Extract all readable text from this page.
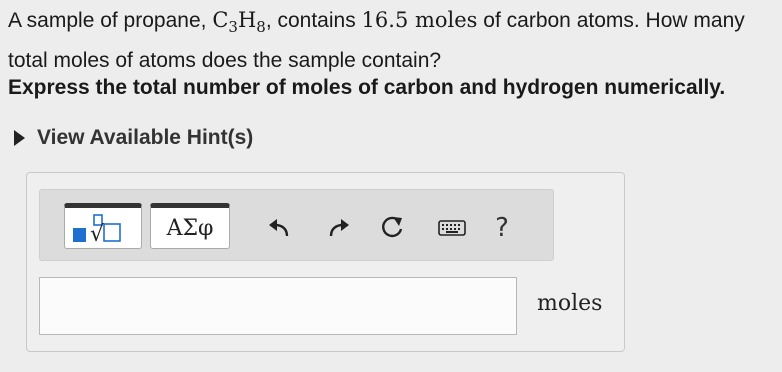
A sample of propane, $C_3H_8$, contains 16.5 moles of carbon atoms. How many total moles of atoms does the sample contain?
Express the total number of moles of carbon and hydrogen numerically.
View Available Hint(s)
√	ΑΣφ	?
moles
